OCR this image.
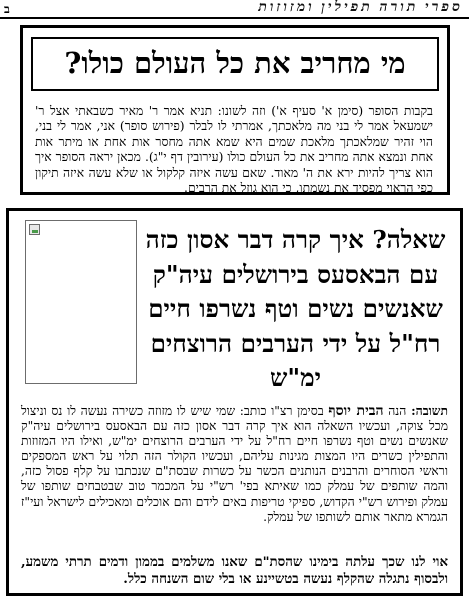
ב	ספרי תורה תפילין ומזוזות
מי מחריב את כל העולם כולו?
בקבות הסופר (סימן א' סעיף א') וזה לשונו: תניא אמר ר' מאיר כשבאתי אצל ר' ישמעאל אמר לי בני מה מלאכתך, אמרתי לו לבלר (פירוש סופר) אני, אמר לי בני, הוי זהיר שמלאכתך מלאכת שמים היא שמא אתה מחסר אות אחת או מיתר אות אחת ונמצא אתה מחריב את כל העולם כולו (עירובין דף י"ג). מכאן יראה הסופר איך הוא צריך להיות ירא את ה' מאוד. שאם עשה איזה קלקול או שלא עשה איזה תיקון כפי הראוי מפסיד את נשמתו, כי הוא גוזל את הרבים.
שאלה? איך קרה דבר אסון כזה עם הבאסעס בירושלים עיה"ק שאנשים נשים וטף נשרפו חיים רח"ל על ידי הערבים הרוצחים ימ"ש
תשובה: הנה הבית יוסף בסימן רצ"ו כותב: שמי שיש לו מזוזה כשירה נעשה לו נס וניצול מכל צוקה, ועכשיו השאלה הוא איך קרה דבר אסון כזה עם הבאסעס בירושלים עיה"ק שאנשים נשים וטף נשרפו חיים רח"ל על ידי הערבים הרוצחים ימ"ש, ואילו היו המזוזות והתפילין כשרים היו המצות מגינות עליהם, ועכשיו הקולר הזה תלוי על ראש המספקים וראשי הסוחרים והרבנים הנותנים הכשר על כשרות שבסת"ם שנכתבו על קלף פסול כזה, והמה שותפים של עמלק כמו שאיתא בפי' רש"י על המכמר טוב שבטבחים שותפו של עמלק ופירוש רש"י הקדוש, ספיקי טריפות באים לידם והם אוכלים ומאכילים לישראל ועי"ז הגמרא מתאר אותם לשותפו של עמלק.
אוי לנו שכך עלתה בימינו שהסת"ם שאנו משלמים בממון ודמים תרתי משמע, ולבסוף נתגלה שהקלף נעשה בטשיינע או בלי שום השנחה כלל.
